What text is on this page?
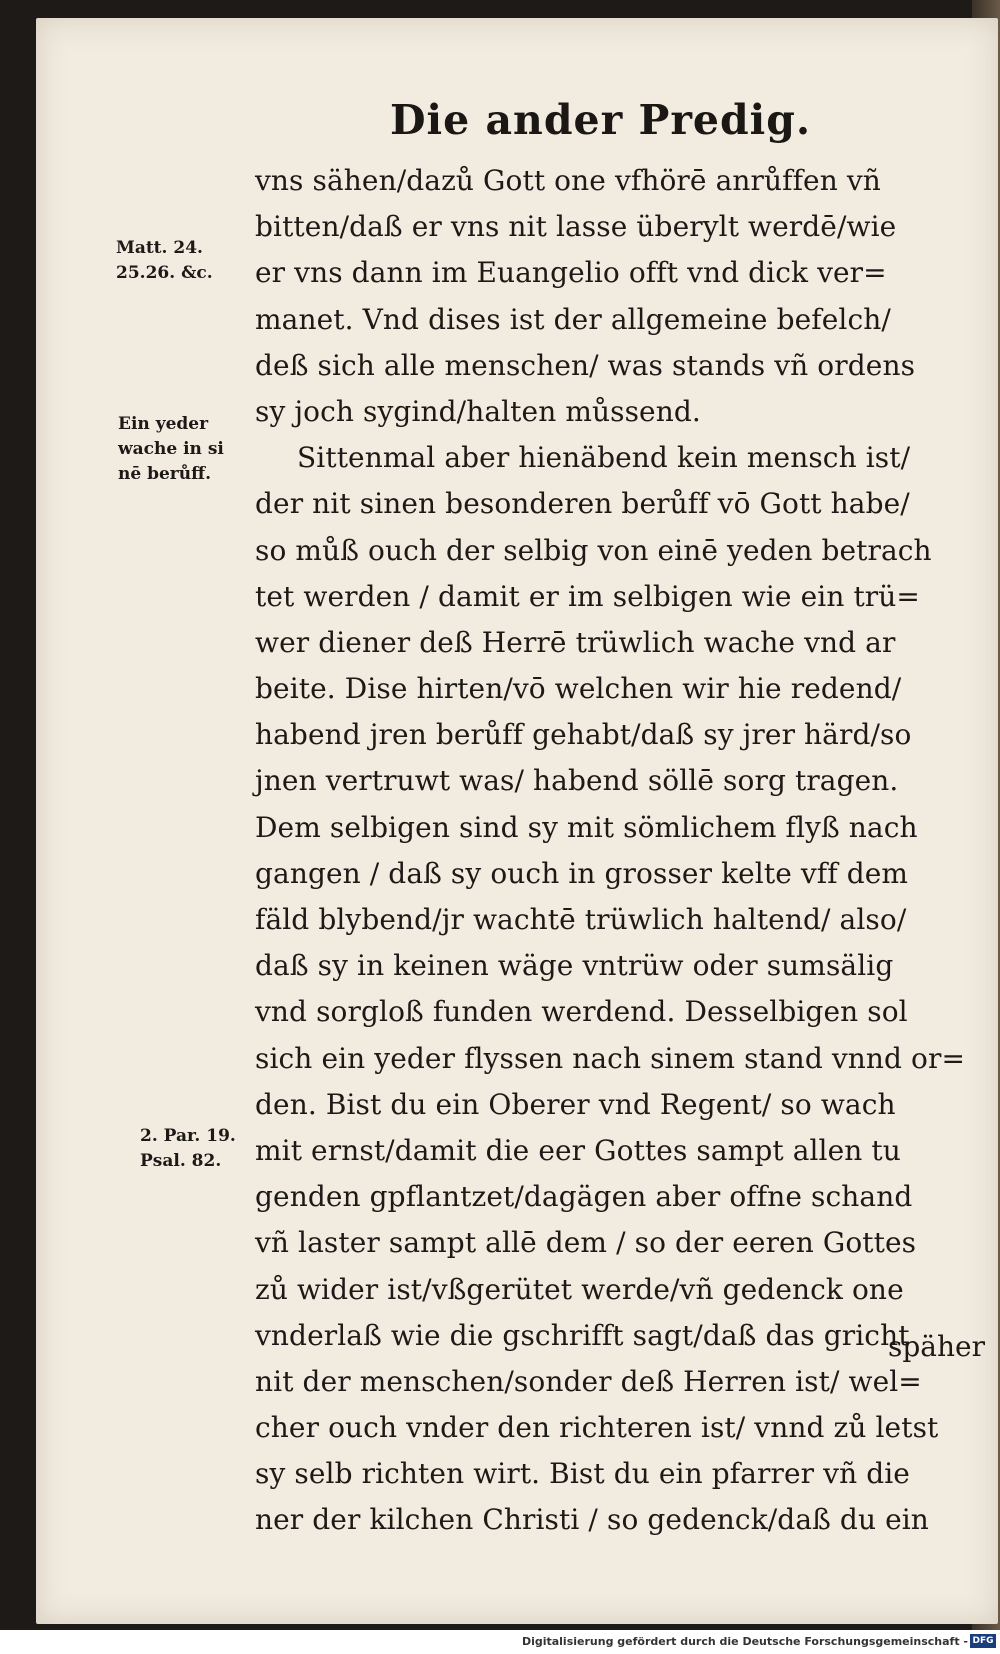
Die ander Predig.
Matt. 24.
25.26. &c.
Ein yeder
wache in si
nē berůff.
2. Par. 19.
Psal. 82.
vns sähen/dazů Gott one vfhörē anrůffen vñ
bitten/daß er vns nit lasse überylt werdē/wie
er vns dann im Euangelio offt vnd dick ver=
manet. Vnd dises ist der allgemeine befelch/
deß sich alle menschen/ was stands vñ ordens
sy joch sygind/halten můssend.
Sittenmal aber hienäbend kein mensch ist/
der nit sinen besonderen berůff vō Gott habe/
so můß ouch der selbig von einē yeden betrach
tet werden / damit er im selbigen wie ein trü=
wer diener deß Herrē trüwlich wache vnd ar
beite. Dise hirten/vō welchen wir hie redend/
habend jren berůff gehabt/daß sy jrer härd/so
jnen vertruwt was/ habend söllē sorg tragen.
Dem selbigen sind sy mit sömlichem flyß nach
gangen / daß sy ouch in grosser kelte vff dem
fäld blybend/jr wachtē trüwlich haltend/ also/
daß sy in keinen wäge vntrüw oder sumsälig
vnd sorgloß funden werdend. Desselbigen sol
sich ein yeder flyssen nach sinem stand vnnd or=
den. Bist du ein Oberer vnd Regent/ so wach
mit ernst/damit die eer Gottes sampt allen tu
genden gpflantzet/dagägen aber offne schand
vñ laster sampt allē dem / so der eeren Gottes
zů wider ist/vßgerütet werde/vñ gedenck one
vnderlaß wie die gschrifft sagt/daß das gricht
nit der menschen/sonder deß Herren ist/ wel=
cher ouch vnder den richteren ist/ vnnd zů letst
sy selb richten wirt. Bist du ein pfarrer vñ die
ner der kilchen Christi / so gedenck/daß du ein
späher
Digitalisierung gefördert durch die Deutsche Forschungsgemeinschaft - DFG
